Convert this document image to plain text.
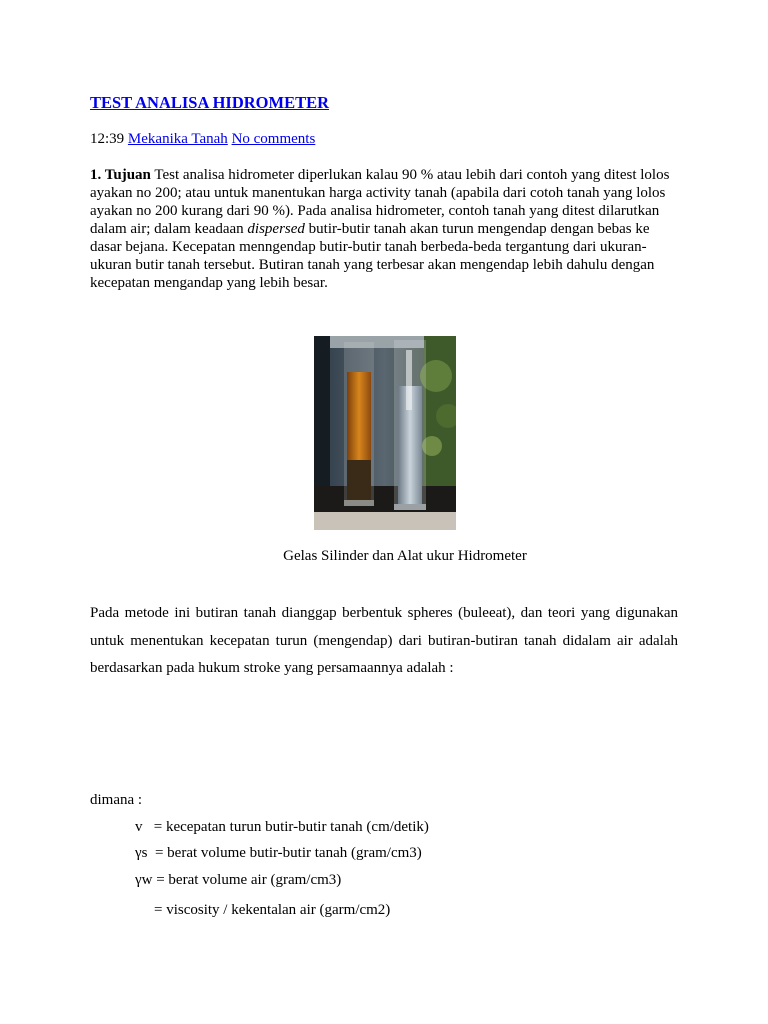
TEST ANALISA HIDROMETER
12:39 Mekanika Tanah No comments

1. Tujuan Test analisa hidrometer diperlukan kalau 90 % atau lebih dari contoh yang ditest lolos ayakan no 200; atau untuk manentukan harga activity tanah (apabila dari cotoh tanah yang lolos ayakan no 200 kurang dari 90 %). Pada analisa hidrometer, contoh tanah yang ditest dilarutkan dalam air; dalam keadaan dispersed butir-butir tanah akan turun mengendap dengan bebas ke dasar bejana. Kecepatan menngendap butir-butir tanah berbeda-beda tergantung dari ukuran-ukuran butir tanah tersebut. Butiran tanah yang terbesar akan mengendap lebih dahulu dengan kecepatan mengandap yang lebih besar.

Gelas Silinder dan Alat ukur Hidrometer

Pada metode ini butiran tanah dianggap berbentuk spheres (buleeat), dan teori yang digunakan untuk menentukan kecepatan turun (mengendap) dari butiran-butiran tanah didalam air adalah berdasarkan pada hukum stroke yang persamaannya adalah :

dimana :
v   = kecepatan turun butir-butir tanah (cm/detik)
γs  = berat volume butir-butir tanah (gram/cm3)
γw = berat volume air (gram/cm3)
= viscosity / kekentalan air (garm/cm2)
